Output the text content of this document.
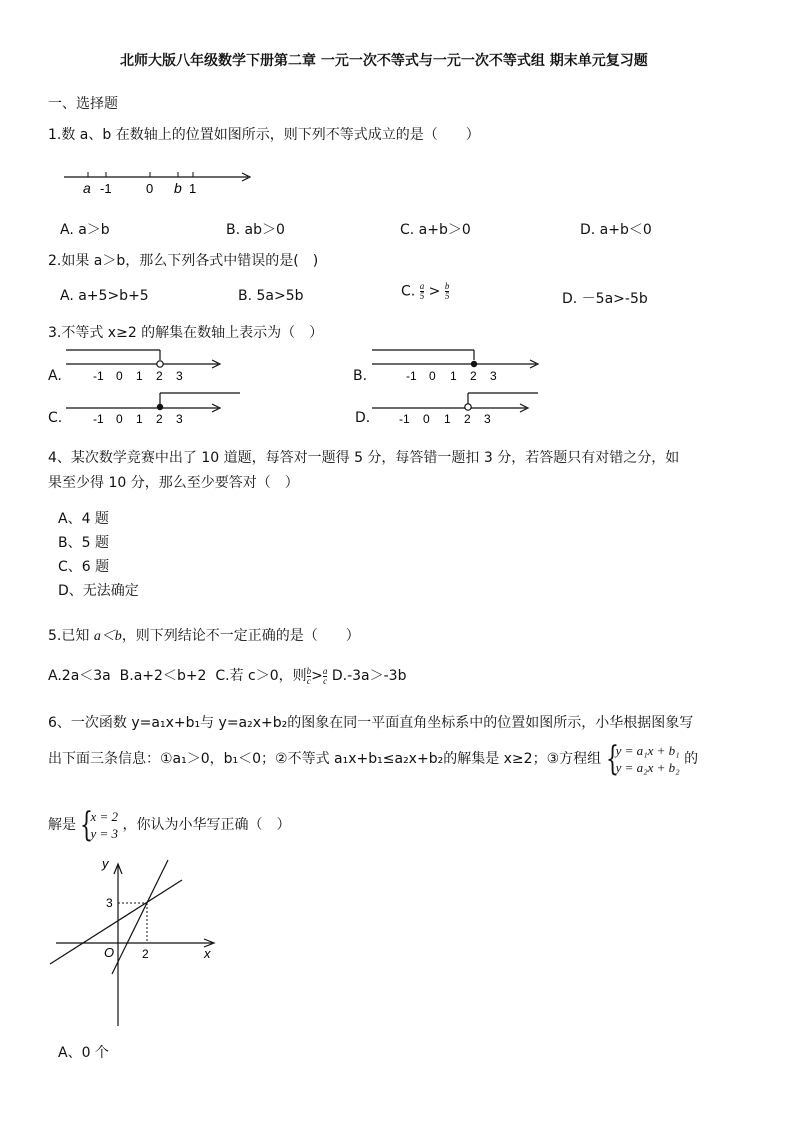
北师大版八年级数学下册第二章 一元一次不等式与一元一次不等式组 期末单元复习题
一、选择题
1.数 a、b 在数轴上的位置如图所示，则下列不等式成立的是（　　）
a -1	0 b 1
A. a＞b	B. ab＞0	C. a+b＞0	D. a+b＜0
2.如果 a＞b，那么下列各式中错误的是(　)
A. a+5>b+5	B. 5a>5b	C. $\frac{a}{5} > \frac{b}{5}$	D. －5a>-5b
3.不等式 x≥2 的解集在数轴上表示为（　）
A.	-1 0 1 2 3	B.	-1 0 1 2 3
C.	-1 0 1 2 3	D. -1 0 1 2 3
4、某次数学竞赛中出了 10 道题，每答对一题得 5 分，每答错一题扣 3 分，若答题只有对错之分，如
果至少得 10 分，那么至少要答对（　）
A、4 题
B、5 题
C、6 题
D、无法确定
5.已知 a＜b，则下列结论不一定正确的是（　　）
A.2a＜3a B.a+2＜b+2 C.若 c＞0，则 $\frac{b}{c} > \frac{a}{c} D.-3a>-3b$
6、一次函数 y=a₁x+b₁与 y=a₂x+b₂的图象在同一平面直角坐标系中的位置如图所示，小华根据图象写
出下面三条信息：①a₁＞0，b₁＜0；②不等式 a₁x+b₁≤a₂x+b₂的解集是 x≥2；③方程组 {
y = a₁x + b₁
y = a₂x + b₂
的
解是 {
x = 2
y = 3
，你认为小华写正确（　）
y
x
O
3
2
A、0 个
